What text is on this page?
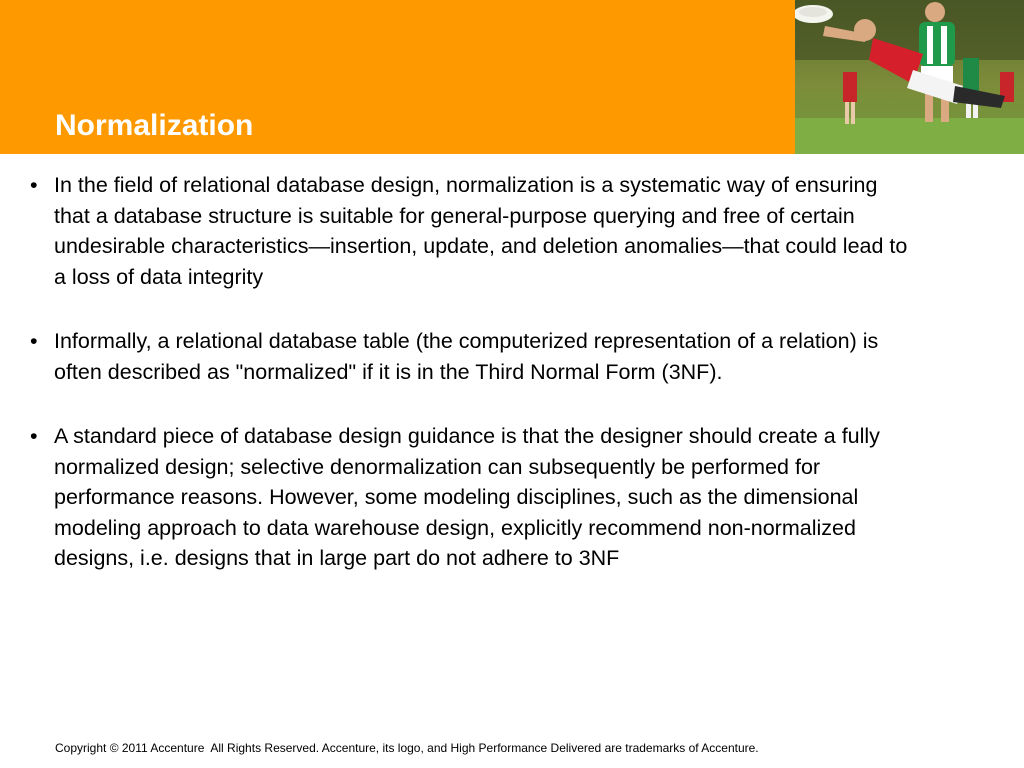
Normalization
• In the field of relational database design, normalization is a systematic way of ensuring that a database structure is suitable for general-purpose querying and free of certain undesirable characteristics—insertion, update, and deletion anomalies—that could lead to a loss of data integrity
• Informally, a relational database table (the computerized representation of a relation) is often described as "normalized" if it is in the Third Normal Form (3NF).
• A standard piece of database design guidance is that the designer should create a fully normalized design; selective denormalization can subsequently be performed for performance reasons. However, some modeling disciplines, such as the dimensional modeling approach to data warehouse design, explicitly recommend non-normalized designs, i.e. designs that in large part do not adhere to 3NF
Copyright © 2011 Accenture  All Rights Reserved. Accenture, its logo, and High Performance Delivered are trademarks of Accenture.
